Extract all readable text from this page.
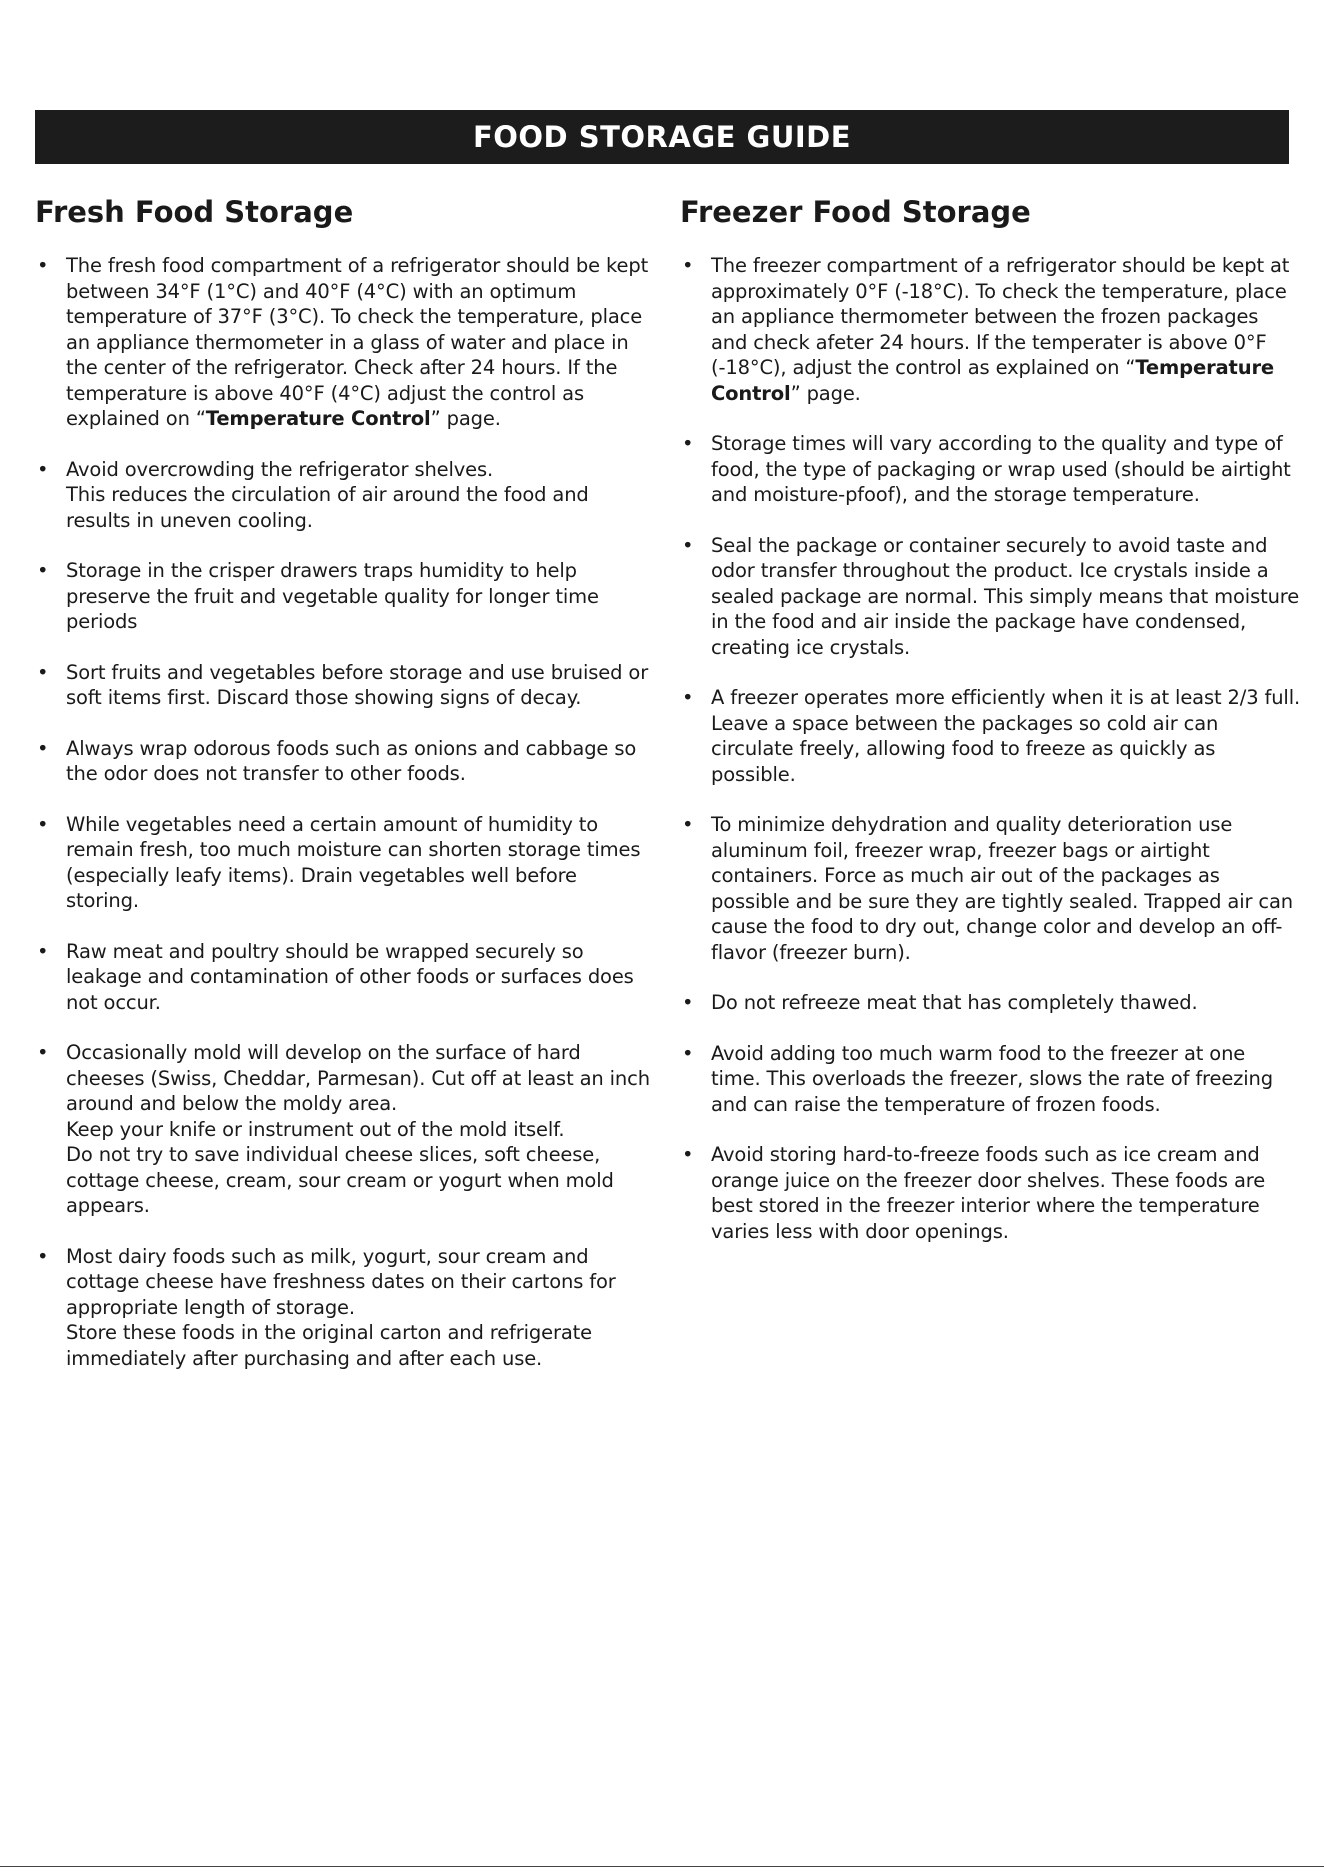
FOOD STORAGE GUIDE
Fresh Food Storage
• The fresh food compartment of a refrigerator should be kept between 34°F (1°C) and 40°F (4°C) with an optimum temperature of 37°F (3°C). To check the temperature, place an appliance thermometer in a glass of water and place in the center of the refrigerator. Check after 24 hours. If the temperature is above 40°F (4°C) adjust the control as explained on “Temperature Control” page.
• Avoid overcrowding the refrigerator shelves.
This reduces the circulation of air around the food and results in uneven cooling.
• Storage in the crisper drawers traps humidity to help preserve the fruit and vegetable quality for longer time periods
• Sort fruits and vegetables before storage and use bruised or soft items first. Discard those showing signs of decay.
• Always wrap odorous foods such as onions and cabbage so the odor does not transfer to other foods.
• While vegetables need a certain amount of humidity to remain fresh, too much moisture can shorten storage times (especially leafy items). Drain vegetables well before storing.
• Raw meat and poultry should be wrapped securely so leakage and contamination of other foods or surfaces does not occur.
• Occasionally mold will develop on the surface of hard cheeses (Swiss, Cheddar, Parmesan). Cut off at least an inch around and below the moldy area.
Keep your knife or instrument out of the mold itself.
Do not try to save individual cheese slices, soft cheese, cottage cheese, cream, sour cream or yogurt when mold appears.
• Most dairy foods such as milk, yogurt, sour cream and cottage cheese have freshness dates on their cartons for appropriate length of storage.
Store these foods in the original carton and refrigerate immediately after purchasing and after each use.
Freezer Food Storage
• The freezer compartment of a refrigerator should be kept at approximately 0°F (-18°C). To check the temperature, place an appliance thermometer between the frozen packages and check afeter 24 hours. If the temperater is above 0°F (-18°C), adjust the control as explained on “Temperature Control” page.
• Storage times will vary according to the quality and type of food, the type of packaging or wrap used (should be airtight and moisture-pfoof), and the storage temperature.
• Seal the package or container securely to avoid taste and odor transfer throughout the product. Ice crystals inside a sealed package are normal. This simply means that moisture in the food and air inside the package have condensed, creating ice crystals.
• A freezer operates more efficiently when it is at least 2/3 full. Leave a space between the packages so cold air can circulate freely, allowing food to freeze as quickly as possible.
• To minimize dehydration and quality deterioration use aluminum foil, freezer wrap, freezer bags or airtight containers. Force as much air out of the packages as possible and be sure they are tightly sealed. Trapped air can cause the food to dry out, change color and develop an off-flavor (freezer burn).
• Do not refreeze meat that has completely thawed.
• Avoid adding too much warm food to the freezer at one time. This overloads the freezer, slows the rate of freezing and can raise the temperature of frozen foods.
• Avoid storing hard-to-freeze foods such as ice cream and orange juice on the freezer door shelves. These foods are best stored in the freezer interior where the temperature varies less with door openings.
